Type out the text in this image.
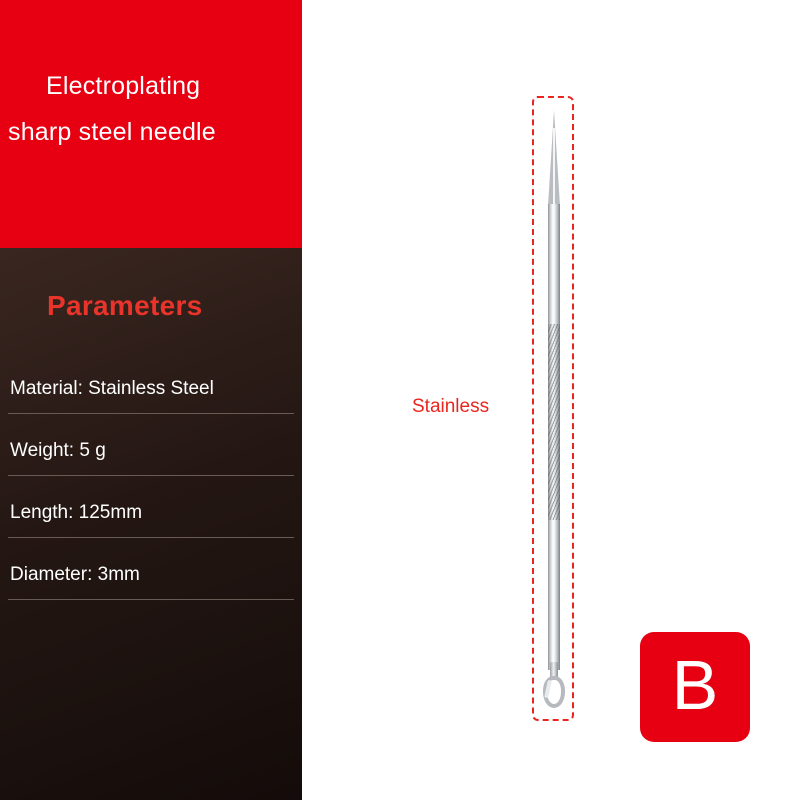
Electroplating
sharp steel needle
Parameters
Material: Stainless Steel
Weight: 5 g
Length: 125mm
Diameter: 3mm
Stainless
B
